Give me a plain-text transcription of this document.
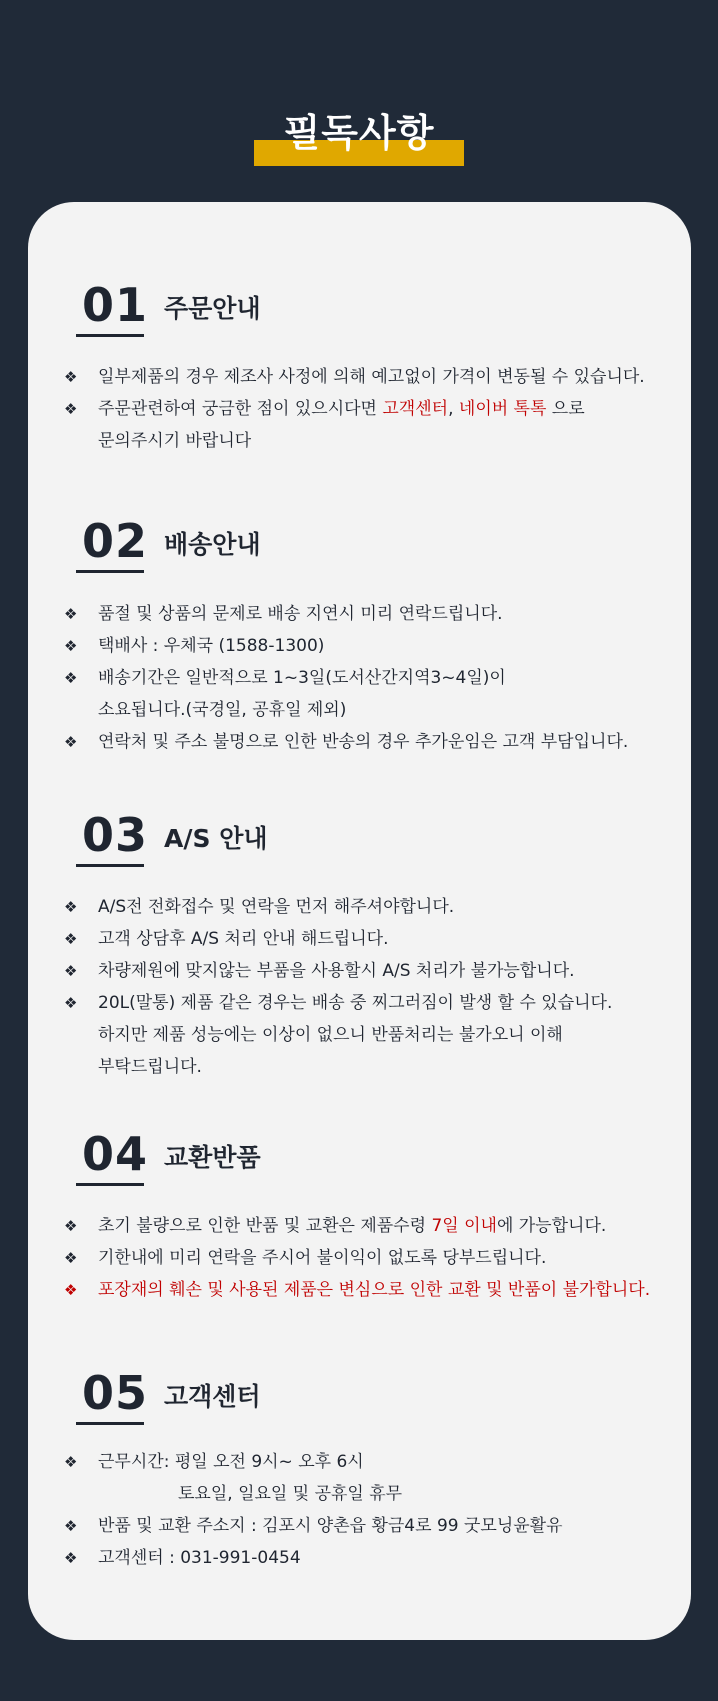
필독사항
01 주문안내
❖ 일부제품의 경우 제조사 사정에 의해 예고없이 가격이 변동될 수 있습니다.
❖ 주문관련하여 궁금한 점이 있으시다면 고객센터, 네이버 톡톡 으로
문의주시기 바랍니다
02 배송안내
❖ 품절 및 상품의 문제로 배송 지연시 미리 연락드립니다.
❖ 택배사 : 우체국 (1588-1300)
❖ 배송기간은 일반적으로 1~3일(도서산간지역3~4일)이
소요됩니다.(국경일, 공휴일 제외)
❖ 연락처 및 주소 불명으로 인한 반송의 경우 추가운임은 고객 부담입니다.
03 A/S 안내
❖ A/S전 전화접수 및 연락을 먼저 해주셔야합니다.
❖ 고객 상담후 A/S 처리 안내 해드립니다.
❖ 차량제원에 맞지않는 부품을 사용할시 A/S 처리가 불가능합니다.
❖ 20L(말통) 제품 같은 경우는 배송 중 찌그러짐이 발생 할 수 있습니다.
하지만 제품 성능에는 이상이 없으니 반품처리는 불가오니 이해
부탁드립니다.
04 교환반품
❖ 초기 불량으로 인한 반품 및 교환은 제품수령 7일 이내에 가능합니다.
❖ 기한내에 미리 연락을 주시어 불이익이 없도록 당부드립니다.
❖ 포장재의 훼손 및 사용된 제품은 변심으로 인한 교환 및 반품이 불가합니다.
05 고객센터
❖ 근무시간: 평일 오전 9시~ 오후 6시
토요일, 일요일 및 공휴일 휴무
❖ 반품 및 교환 주소지 : 김포시 양촌읍 황금4로 99 굿모닝윤활유
❖ 고객센터 : 031-991-0454
